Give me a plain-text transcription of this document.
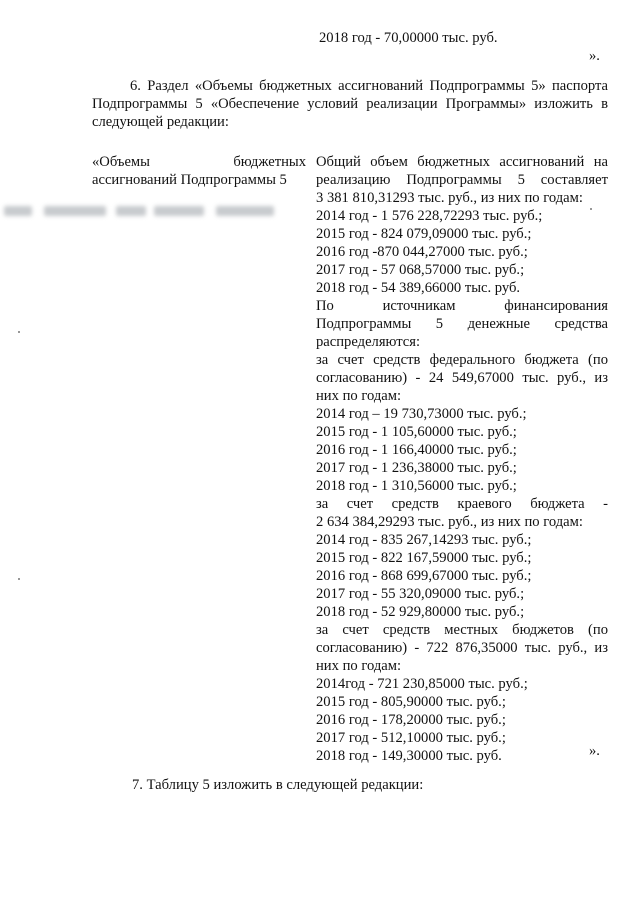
2018 год - 70,00000 тыс. руб.
».
6. Раздел «Объемы бюджетных ассигнований Подпрограммы 5» паспорта Подпрограммы 5 «Обеспечение условий реализации Программы» изложить в следующей редакции:
«Объемы	бюджетных
ассигнований Подпрограммы 5
Общий объем бюджетных ассигнований на
реализацию Подпрограммы 5 составляет
3 381 810,31293 тыс. руб., из них по годам:
2014 год - 1 576 228,72293 тыс. руб.;
2015 год - 824 079,09000 тыс. руб.;
2016 год -870 044,27000 тыс. руб.;
2017 год - 57 068,57000 тыс. руб.;
2018 год - 54 389,66000 тыс. руб.
По источникам финансирования
Подпрограммы 5 денежные средства
распределяются:
за счет средств федерального бюджета (по
согласованию) - 24 549,67000 тыс. руб., из
них по годам:
2014 год – 19 730,73000 тыс. руб.;
2015 год - 1 105,60000 тыс. руб.;
2016 год - 1 166,40000 тыс. руб.;
2017 год - 1 236,38000 тыс. руб.;
2018 год - 1 310,56000 тыс. руб.;
за счет средств краевого бюджета -
2 634 384,29293 тыс. руб., из них по годам:
2014 год - 835 267,14293 тыс. руб.;
2015 год - 822 167,59000 тыс. руб.;
2016 год - 868 699,67000 тыс. руб.;
2017 год - 55 320,09000 тыс. руб.;
2018 год - 52 929,80000 тыс. руб.;
за счет средств местных бюджетов (по
согласованию) - 722 876,35000 тыс. руб., из
них по годам:
2014год - 721 230,85000 тыс. руб.;
2015 год - 805,90000 тыс. руб.;
2016 год - 178,20000 тыс. руб.;
2017 год - 512,10000 тыс. руб.;
2018 год - 149,30000 тыс. руб.	».
7. Таблицу 5 изложить в следующей редакции:
